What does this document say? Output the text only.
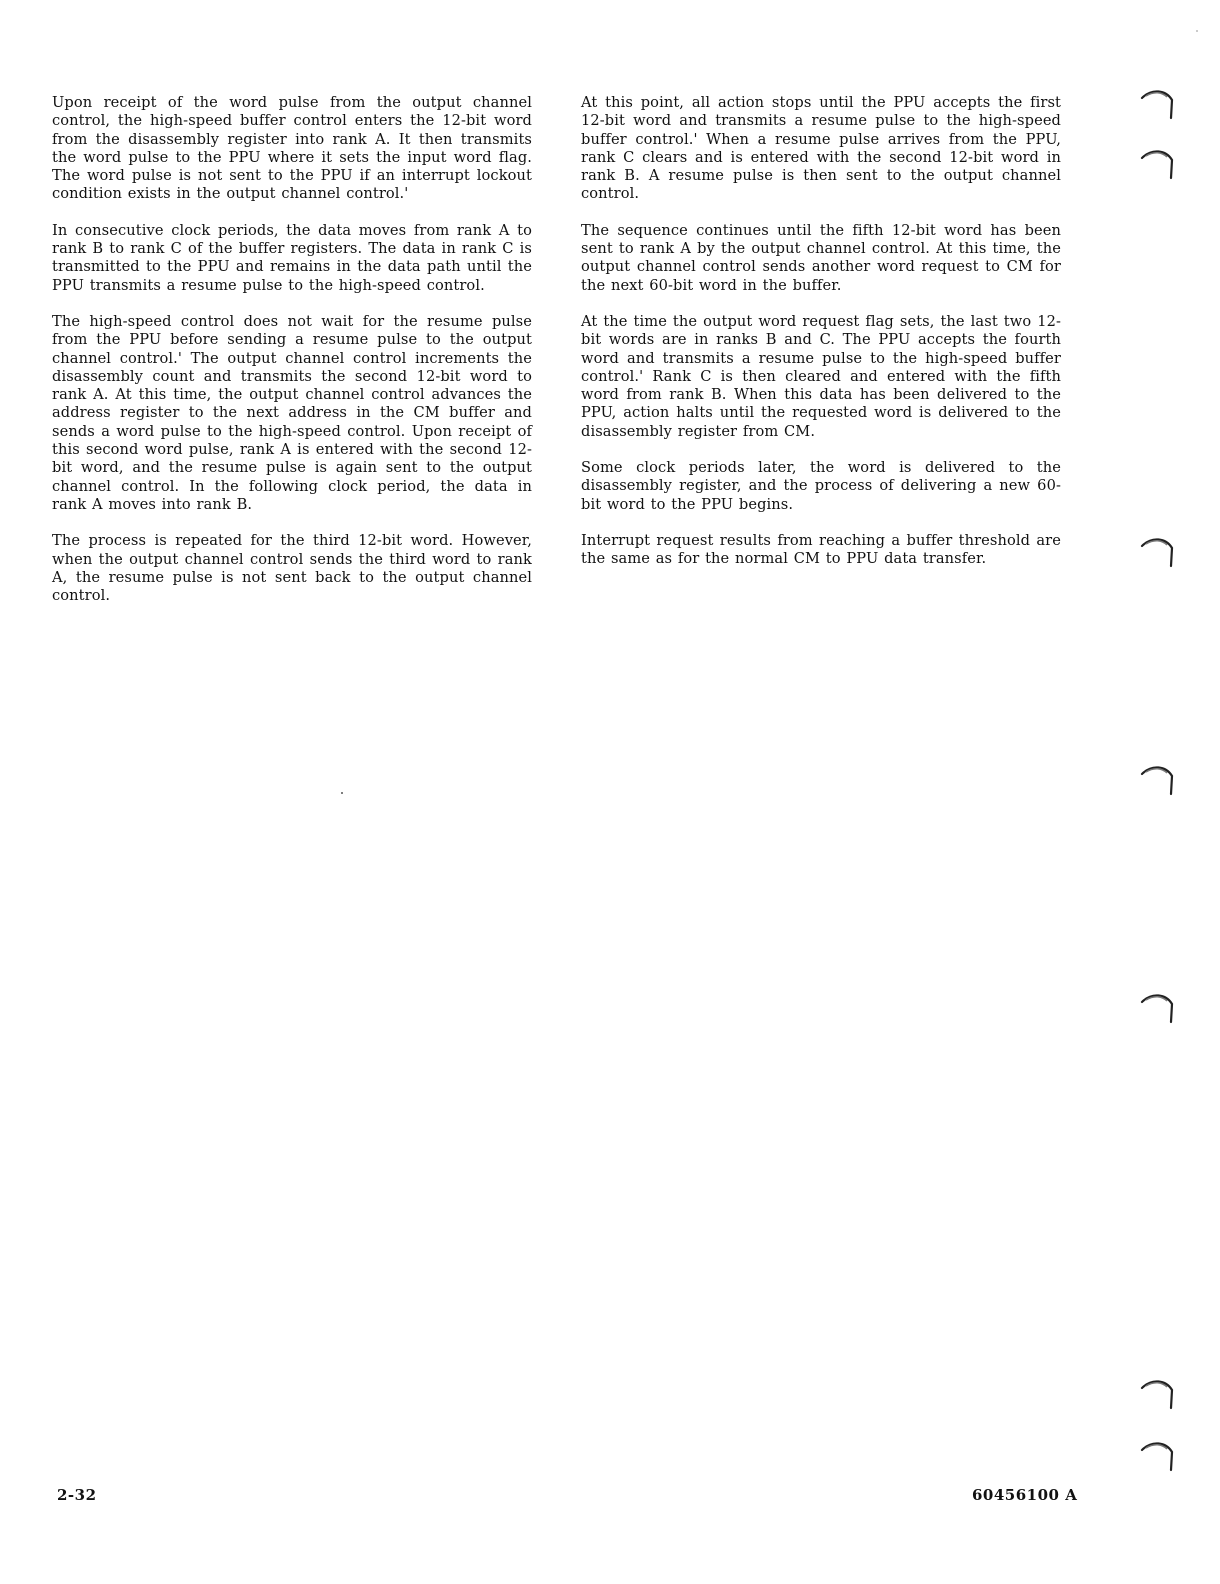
Upon receipt of the word pulse from the output channel control, the high-speed buffer control enters the 12-bit word from the disassembly register into rank A. It then transmits the word pulse to the PPU where it sets the input word flag. The word pulse is not sent to the PPU if an interrupt lockout condition exists in the output channel control.'

In consecutive clock periods, the data moves from rank A to rank B to rank C of the buffer registers. The data in rank C is transmitted to the PPU and remains in the data path until the PPU transmits a resume pulse to the high-speed control.

The high-speed control does not wait for the resume pulse from the PPU before sending a resume pulse to the output channel control.' The output channel control increments the disassembly count and transmits the second 12-bit word to rank A. At this time, the output channel control advances the address register to the next address in the CM buffer and sends a word pulse to the high-speed control. Upon receipt of this second word pulse, rank A is entered with the second 12-bit word, and the resume pulse is again sent to the output channel control. In the following clock period, the data in rank A moves into rank B.

The process is repeated for the third 12-bit word. However, when the output channel control sends the third word to rank A, the resume pulse is not sent back to the output channel control.

At this point, all action stops until the PPU accepts the first 12-bit word and transmits a resume pulse to the high-speed buffer control.' When a resume pulse arrives from the PPU, rank C clears and is entered with the second 12-bit word in rank B. A resume pulse is then sent to the output channel control.

The sequence continues until the fifth 12-bit word has been sent to rank A by the output channel control. At this time, the output channel control sends another word request to CM for the next 60-bit word in the buffer.

At the time the output word request flag sets, the last two 12-bit words are in ranks B and C. The PPU accepts the fourth word and transmits a resume pulse to the high-speed buffer control.' Rank C is then cleared and entered with the fifth word from rank B. When this data has been delivered to the PPU, action halts until the requested word is delivered to the disassembly register from CM.

Some clock periods later, the word is delivered to the disassembly register, and the process of delivering a new 60-bit word to the PPU begins.

Interrupt request results from reaching a buffer threshold are the same as for the normal CM to PPU data transfer.

2-32	60456100 A
